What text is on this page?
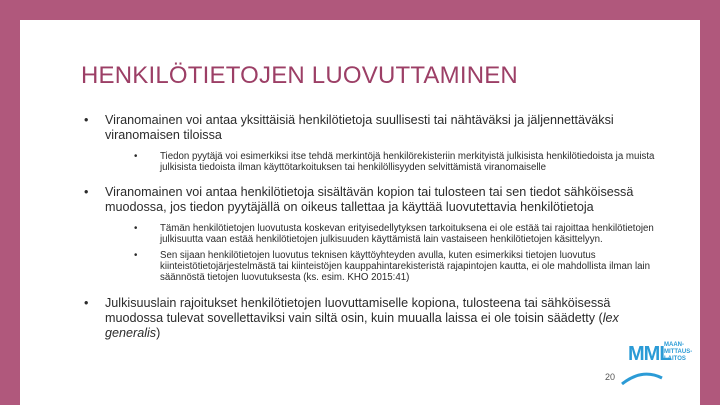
HENKILÖTIETOJEN LUOVUTTAMINEN
• Viranomainen voi antaa yksittäisiä henkilötietoja suullisesti tai nähtäväksi ja jäljennettäväksi viranomaisen tiloissa
• Tiedon pyytäjä voi esimerkiksi itse tehdä merkintöjä henkilörekisteriin merkityistä julkisista henkilötiedoista ja muista julkisista tiedoista ilman käyttötarkoituksen tai henkilöllisyyden selvittämistä viranomaiselle
• Viranomainen voi antaa henkilötietoja sisältävän kopion tai tulosteen tai sen tiedot sähköisessä muodossa, jos tiedon pyytäjällä on oikeus tallettaa ja käyttää luovutettavia henkilötietoja
• Tämän henkilötietojen luovutusta koskevan erityisedellytyksen tarkoituksena ei ole estää tai rajoittaa henkilötietojen julkisuutta vaan estää henkilötietojen julkisuuden käyttämistä lain vastaiseen henkilötietojen käsittelyyn.
• Sen sijaan henkilötietojen luovutus teknisen käyttöyhteyden avulla, kuten esimerkiksi tietojen luovutus kiinteistötietojärjestelmästä tai kiinteistöjen kauppahintarekisteristä rajapintojen kautta, ei ole mahdollista ilman lain säännöstä tietojen luovutuksesta (ks. esim. KHO 2015:41)
• Julkisuuslain rajoitukset henkilötietojen luovuttamiselle kopiona, tulosteena tai sähköisessä muodossa tulevat sovellettaviksi vain siltä osin, kuin muualla laissa ei ole toisin säädetty (lex generalis)
20
MML
MAAN-
MITTAUS-
LAITOS
